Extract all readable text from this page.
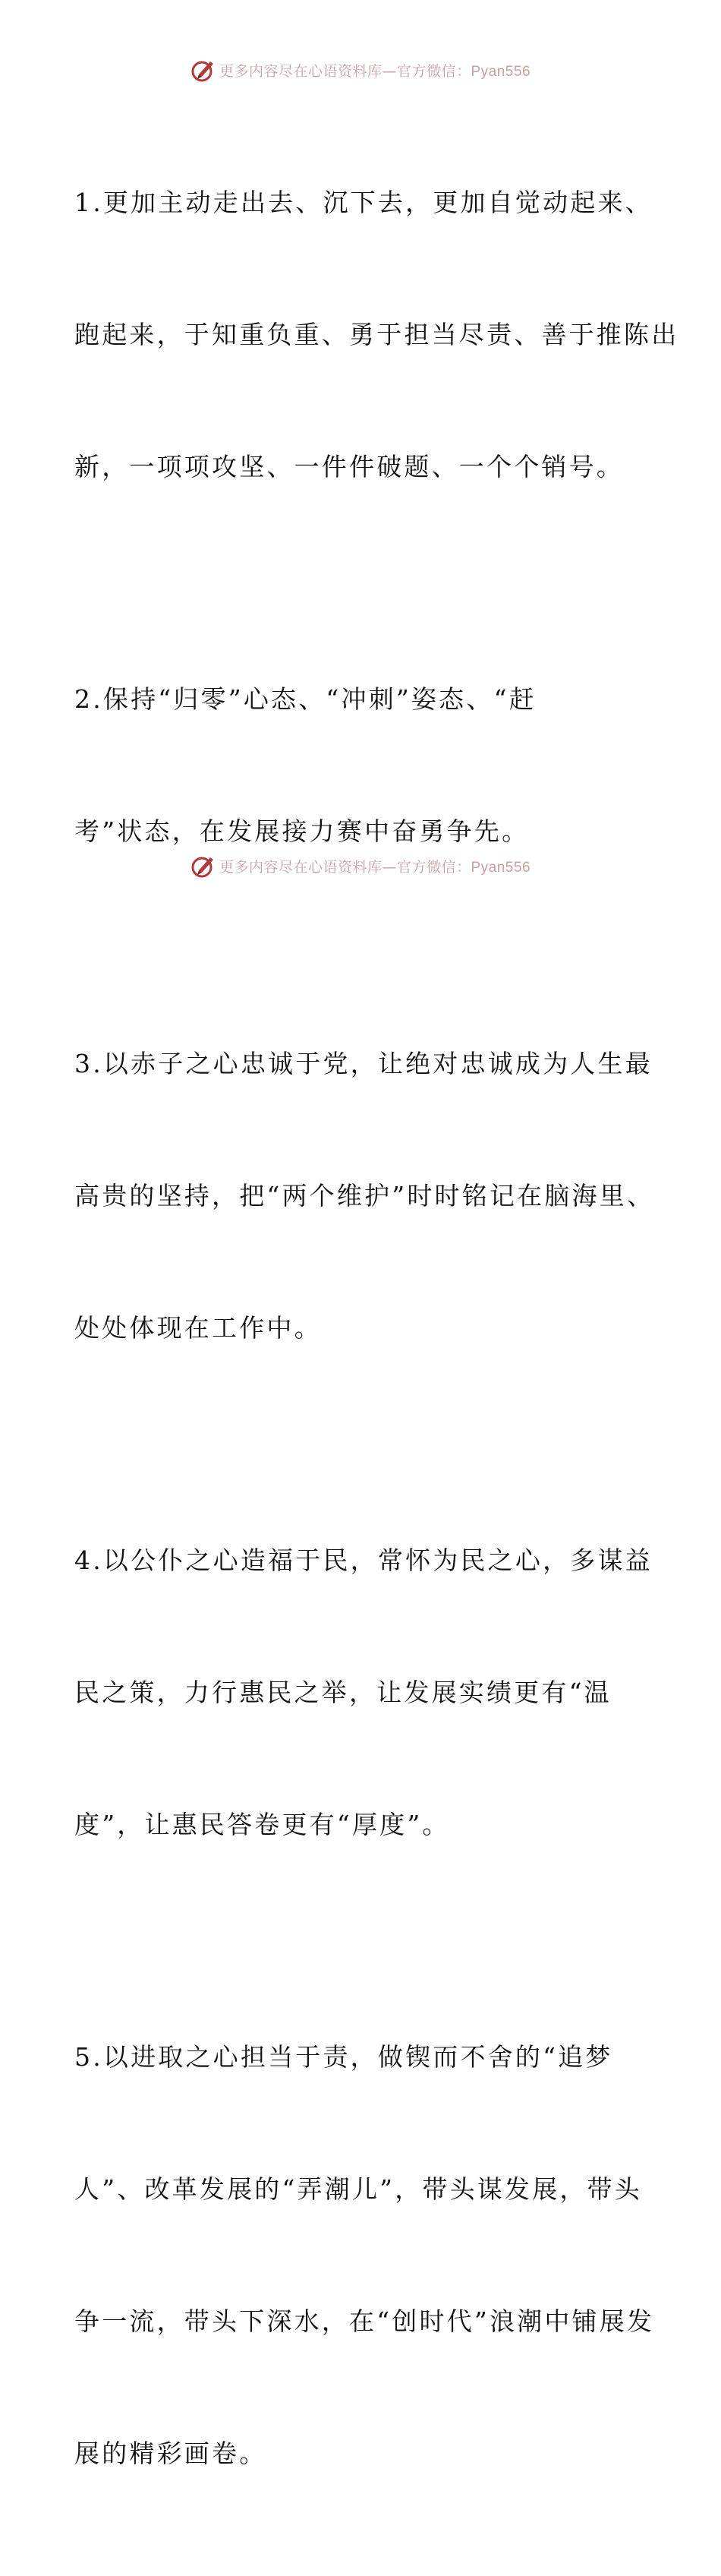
更多内容尽在心语资料库—官方微信：Pyan556

1.更加主动走出去、沉下去，更加自觉动起来、

跑起来，于知重负重、勇于担当尽责、善于推陈出

新，一项项攻坚、一件件破题、一个个销号。

2.保持“归零”心态、“冲刺”姿态、“赶

考”状态，在发展接力赛中奋勇争先。

3.以赤子之心忠诚于党，让绝对忠诚成为人生最

高贵的坚持，把“两个维护”时时铭记在脑海里、

处处体现在工作中。

4.以公仆之心造福于民，常怀为民之心，多谋益

民之策，力行惠民之举，让发展实绩更有“温

度”，让惠民答卷更有“厚度”。

5.以进取之心担当于责，做锲而不舍的“追梦

人”、改革发展的“弄潮儿”，带头谋发展，带头

争一流，带头下深水，在“创时代”浪潮中铺展发

展的精彩画卷。

更多内容尽在心语资料库—官方微信：Pyan556
